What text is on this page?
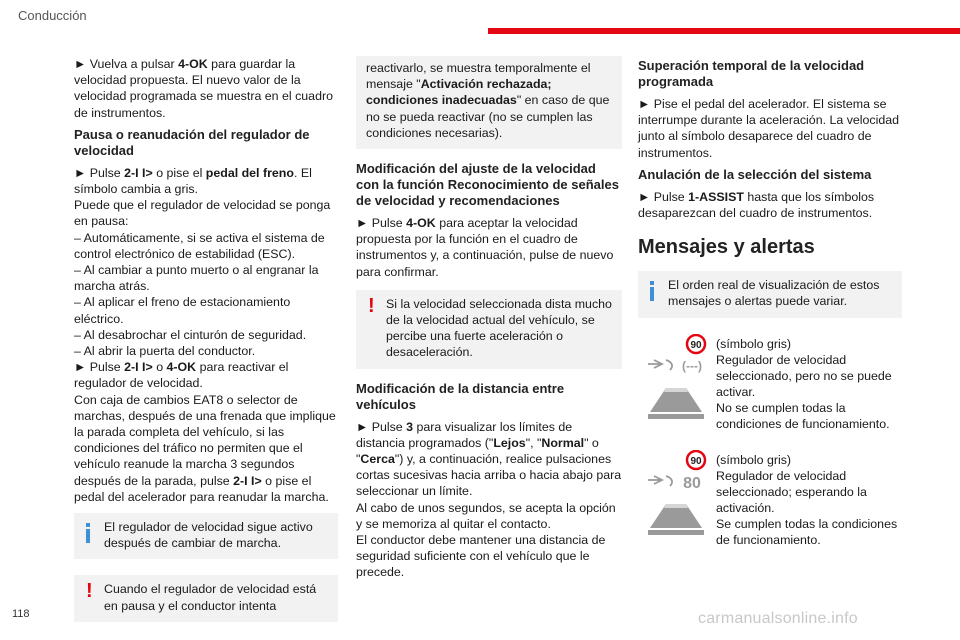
Conducción

► Vuelva a pulsar 4-OK para guardar la velocidad propuesta. El nuevo valor de la velocidad programada se muestra en el cuadro de instrumentos.

Pausa o reanudación del regulador de velocidad

► Pulse 2-I I> o pise el pedal del freno. El símbolo cambia a gris.

Puede que el regulador de velocidad se ponga en pausa:

– Automáticamente, si se activa el sistema de control electrónico de estabilidad (ESC).

– Al cambiar a punto muerto o al engranar la marcha atrás.

– Al aplicar el freno de estacionamiento eléctrico.

– Al desabrochar el cinturón de seguridad.

– Al abrir la puerta del conductor.

► Pulse 2-I I> o 4-OK para reactivar el regulador de velocidad.

Con caja de cambios EAT8 o selector de marchas, después de una frenada que implique la parada completa del vehículo, si las condiciones del tráfico no permiten que el vehículo reanude la marcha 3 segundos después de la parada, pulse 2-I I> o pise el pedal del acelerador para reanudar la marcha.

El regulador de velocidad sigue activo después de cambiar de marcha.
! Cuando el regulador de velocidad está en pausa y el conductor intenta
reactivarlo, se muestra temporalmente el mensaje "Activación rechazada; condiciones inadecuadas" en caso de que no se pueda reactivar (no se cumplen las condiciones necesarias).
Modificación del ajuste de la velocidad con la función Reconocimiento de señales de velocidad y recomendaciones

► Pulse 4-OK para aceptar la velocidad propuesta por la función en el cuadro de instrumentos y, a continuación, pulse de nuevo para confirmar.

! Si la velocidad seleccionada dista mucho de la velocidad actual del vehículo, se percibe una fuerte aceleración o desaceleración.
Modificación de la distancia entre vehículos

► Pulse 3 para visualizar los límites de distancia programados ("Lejos", "Normal" o "Cerca") y, a continuación, realice pulsaciones cortas sucesivas hacia arriba o hacia abajo para seleccionar un límite.

Al cabo de unos segundos, se acepta la opción y se memoriza al quitar el contacto.

El conductor debe mantener una distancia de seguridad suficiente con el vehículo que le precede.

Superación temporal de la velocidad programada

► Pise el pedal del acelerador. El sistema se interrumpe durante la aceleración. La velocidad junto al símbolo desaparece del cuadro de instrumentos.

Anulación de la selección del sistema

► Pulse 1-ASSIST hasta que los símbolos desaparezcan del cuadro de instrumentos.

Mensajes y alertas
El orden real de visualización de estos mensajes o alertas puede variar.
90
(---)
(símbolo gris)
Regulador de velocidad seleccionado, pero no se puede activar.
No se cumplen todas la condiciones de funcionamiento.
90
80
(símbolo gris)
Regulador de velocidad seleccionado; esperando la activación.
Se cumplen todas la condiciones de funcionamiento.
118	carmanualsonline.info
